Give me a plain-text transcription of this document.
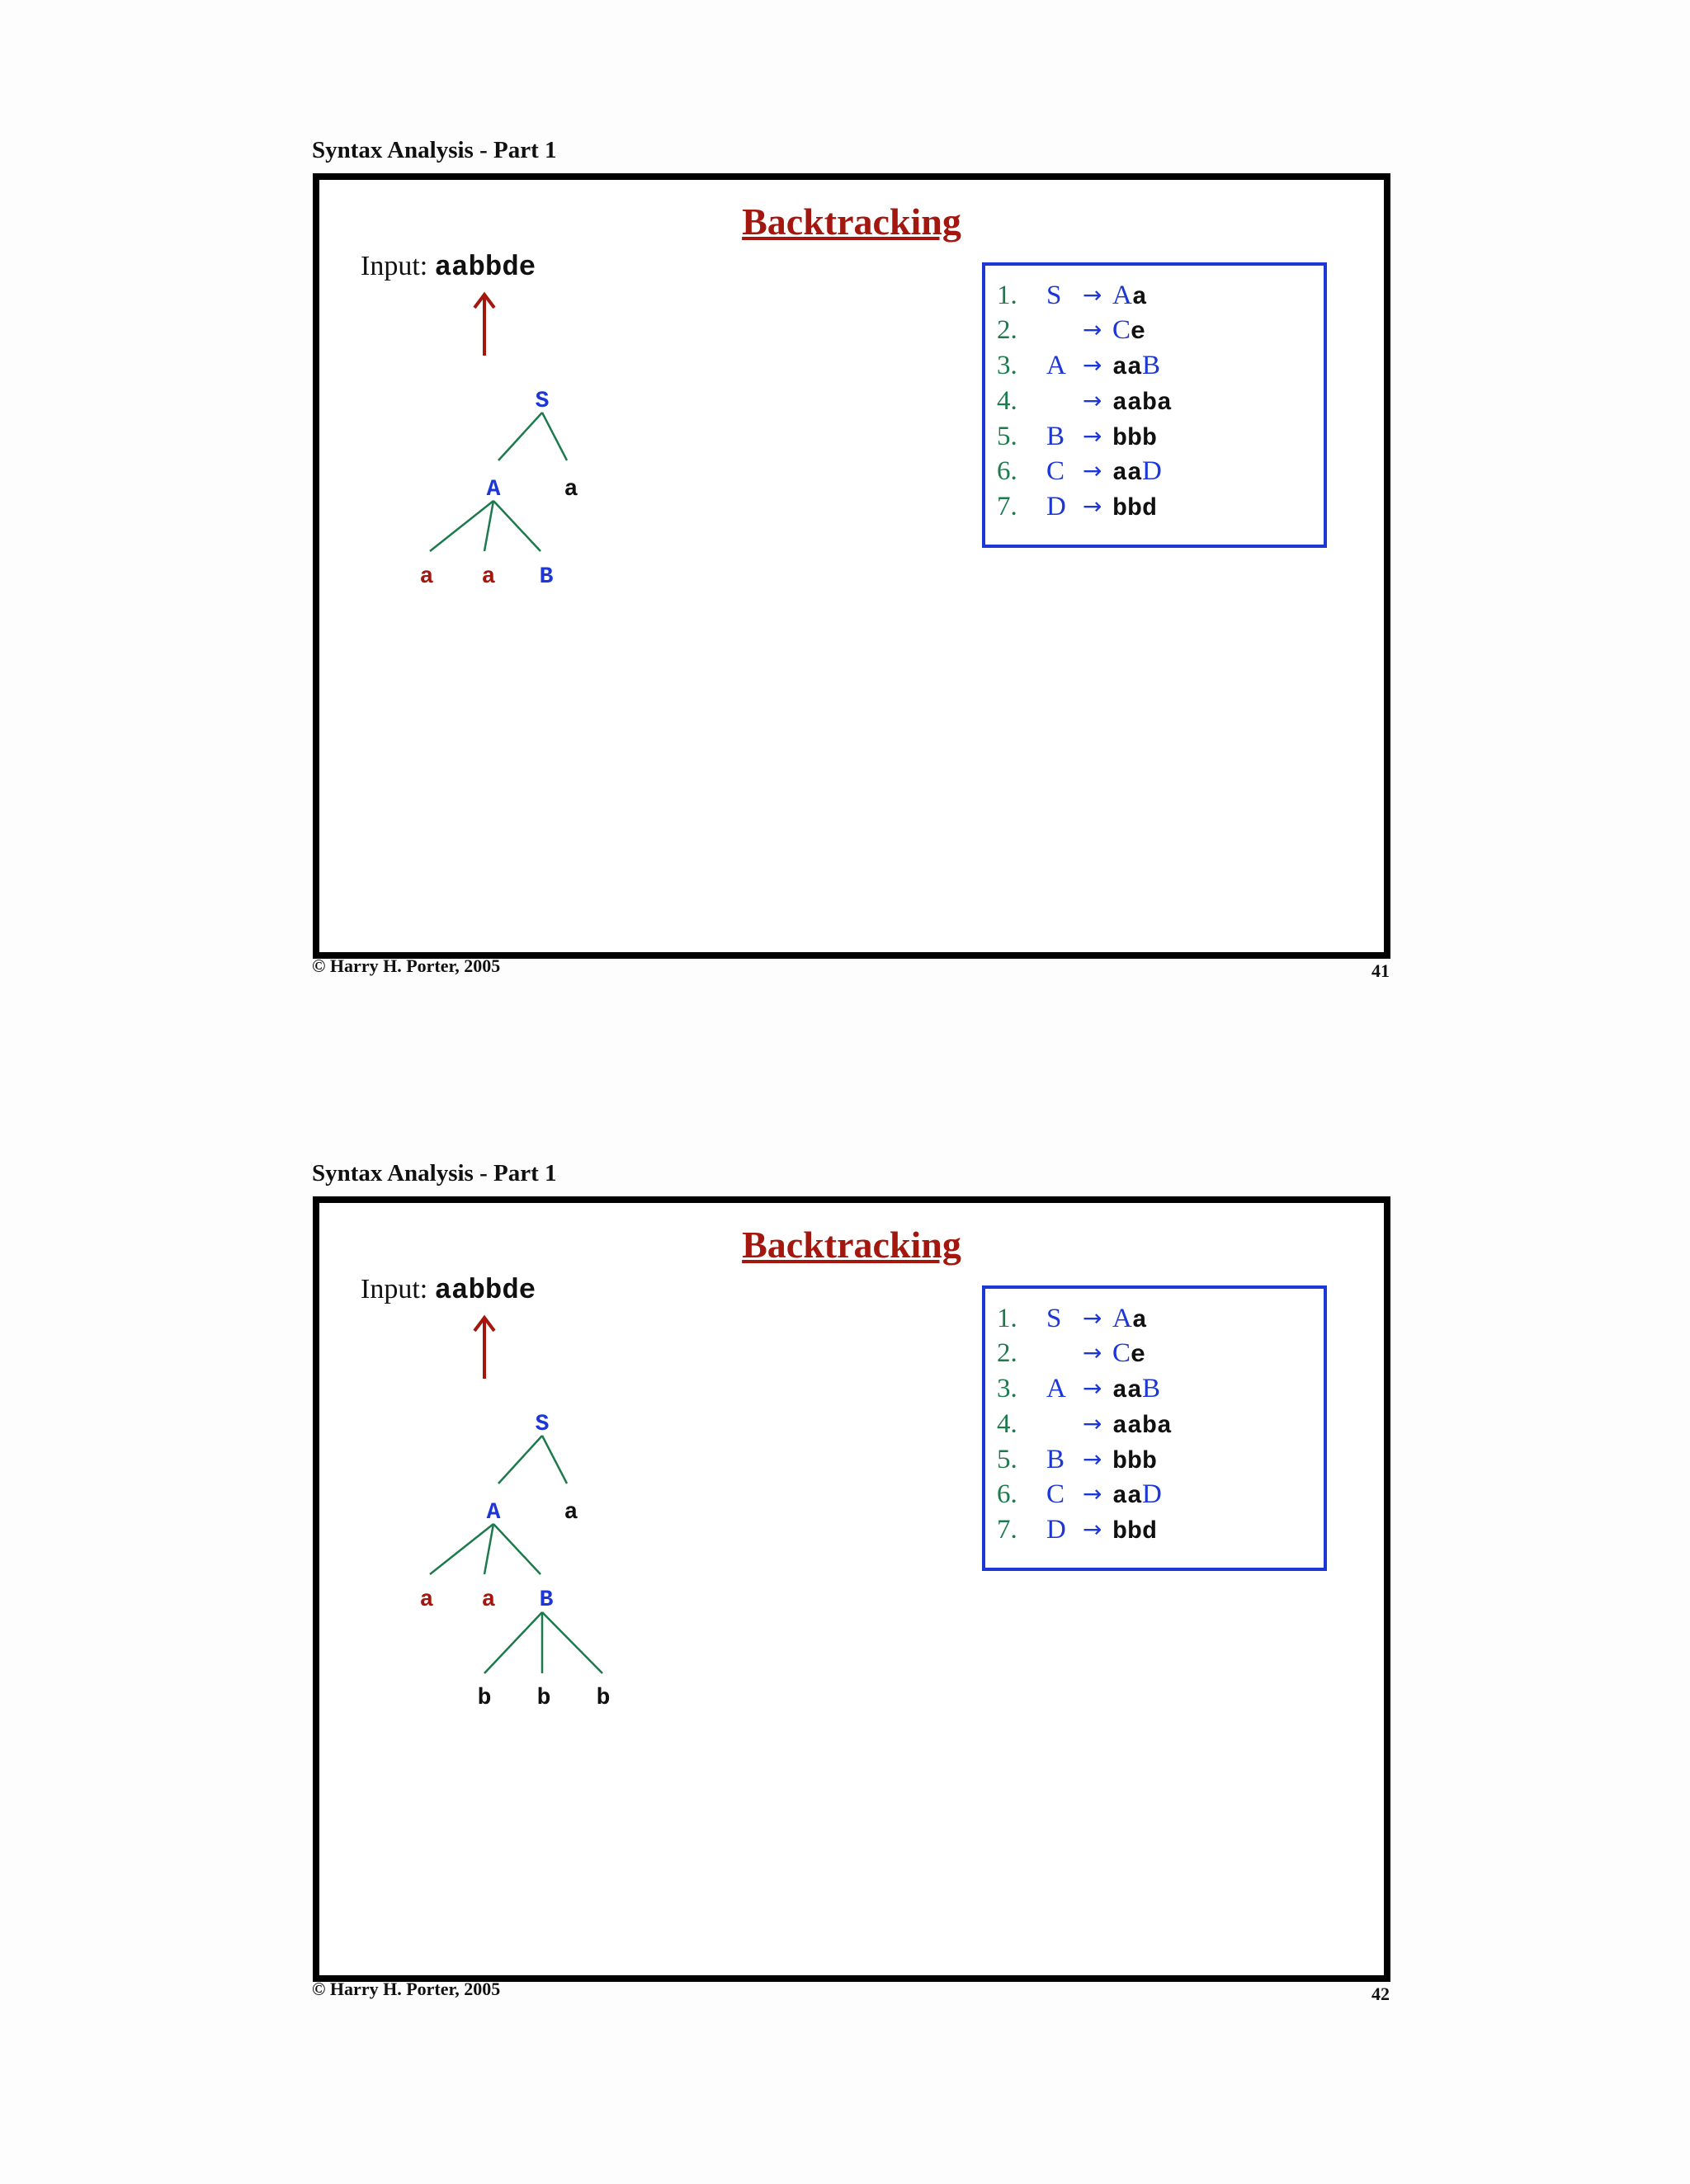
Syntax Analysis - Part 1
Backtracking
Input: aabbde
S
A	a
a a B
1.	S → Aa
2.	→ Ce
3.	A → aaB
4.	→ aaba
5.	B → bbb
6.	C → aaD
7.	D → bbd
© Harry H. Porter, 2005	41
Syntax Analysis - Part 1
Backtracking
Input: aabbde
S
A	a
a a B
b b b
1.	S → Aa
2.	→ Ce
3.	A → aaB
4.	→ aaba
5.	B → bbb
6.	C → aaD
7.	D → bbd
© Harry H. Porter, 2005	42
